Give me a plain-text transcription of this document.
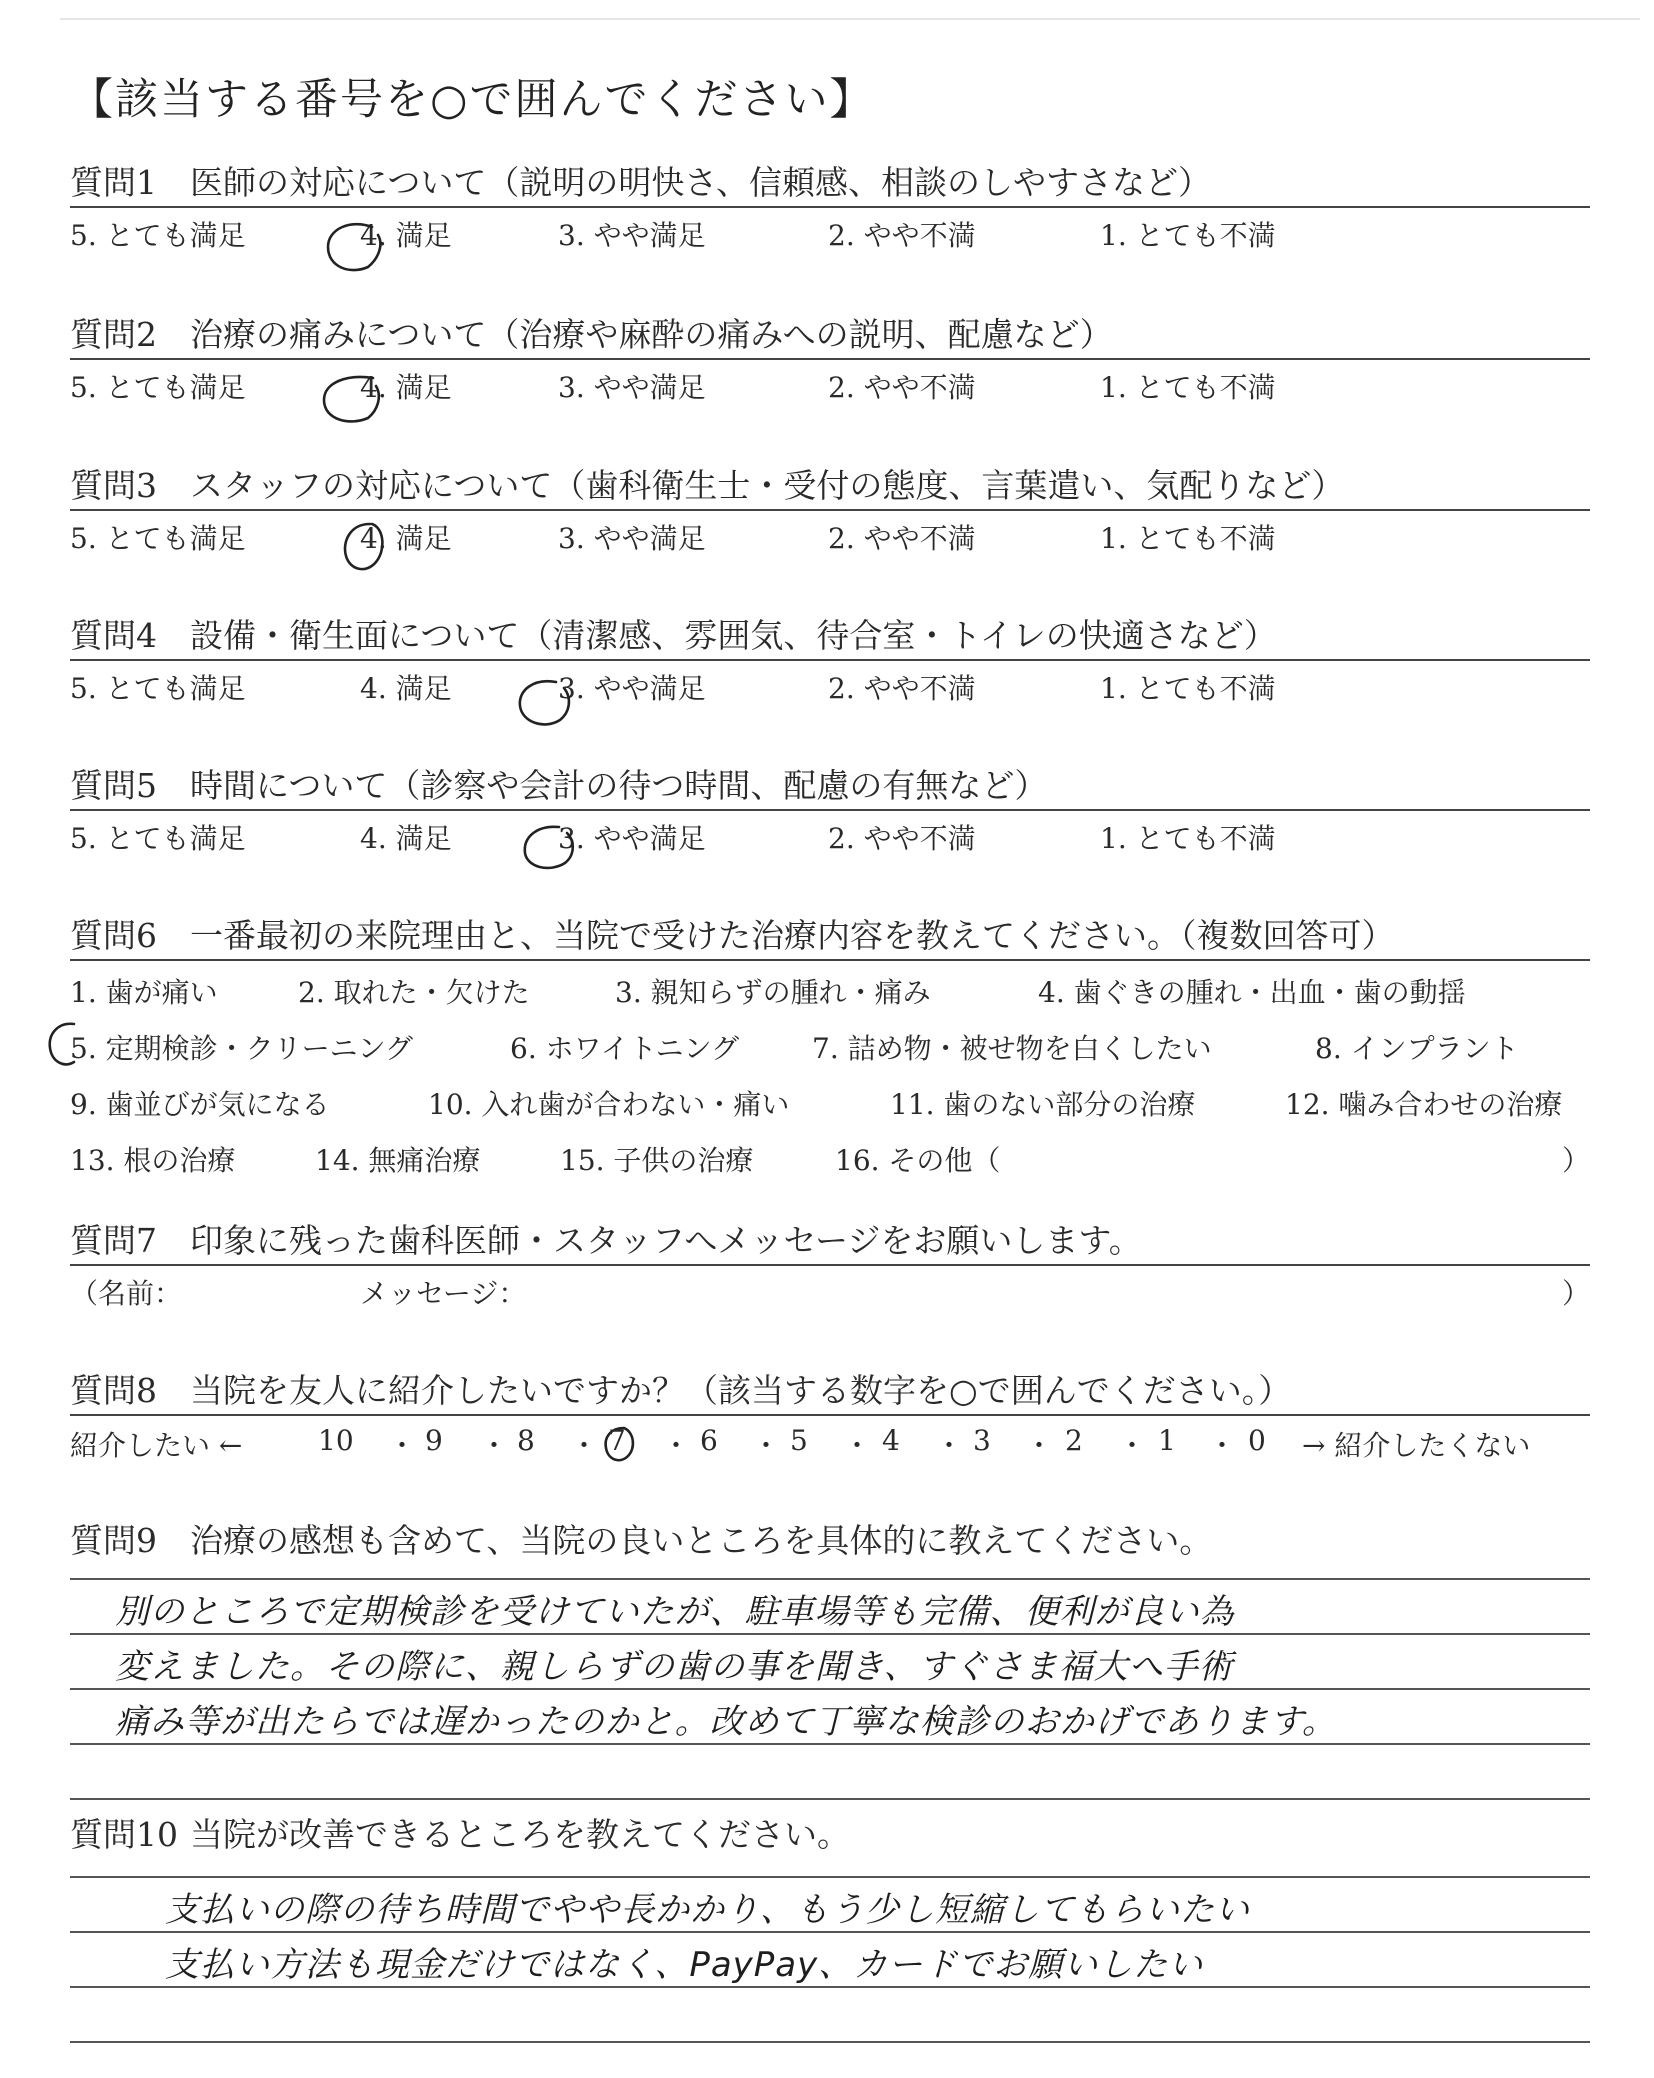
【該当する番号を○で囲んでください】
質問1	医師の対応について（説明の明快さ、信頼感、相談のしやすさなど）
5. とても満足	4. 満足	3. やや満足	2. やや不満	1. とても不満
質問2	治療の痛みについて（治療や麻酔の痛みへの説明、配慮など）
5. とても満足	4. 満足	3. やや満足	2. やや不満	1. とても不満
質問3	スタッフの対応について（歯科衛生士・受付の態度、言葉遣い、気配りなど）
5. とても満足	4. 満足	3. やや満足	2. やや不満	1. とても不満
質問4	設備・衛生面について（清潔感、雰囲気、待合室・トイレの快適さなど）
5. とても満足	4. 満足	3. やや満足	2. やや不満	1. とても不満
質問5	時間について（診察や会計の待つ時間、配慮の有無など）
5. とても満足	4. 満足	3. やや満足	2. やや不満	1. とても不満
質問6	一番最初の来院理由と、当院で受けた治療内容を教えてください。（複数回答可）
1. 歯が痛い	2. 取れた・欠けた	3. 親知らずの腫れ・痛み	4. 歯ぐきの腫れ・出血・歯の動揺
5. 定期検診・クリーニング	6. ホワイトニング	7. 詰め物・被せ物を白くしたい	8. インプラント
9. 歯並びが気になる	10. 入れ歯が合わない・痛い	11. 歯のない部分の治療	12. 噛み合わせの治療
13. 根の治療	14. 無痛治療	15. 子供の治療	16. その他（	）
質問7	印象に残った歯科医師・スタッフへメッセージをお願いします。
（名前：	メッセージ：	）
質問8	当院を友人に紹介したいですか？（該当する数字を○で囲んでください。）
紹介したい ←	10 ・ 9 ・ 8 ・ 7 ・ 6 ・ 5 ・ 4 ・ 3 ・ 2 ・ 1 ・ 0 → 紹介したくない
質問9	治療の感想も含めて、当院の良いところを具体的に教えてください。
別のところで定期検診を受けていたが、駐車場等も完備、便利が良い為
変えました。その際に、親しらずの歯の事を聞き、すぐさま福大へ手術
痛み等が出たらでは遅かったのかと。改めて丁寧な検診のおかげであります。
質問10 当院が改善できるところを教えてください。
支払いの際の待ち時間でやや長かかり、もう少し短縮してもらいたい
支払い方法も現金だけではなく、PayPay、カードでお願いしたい
